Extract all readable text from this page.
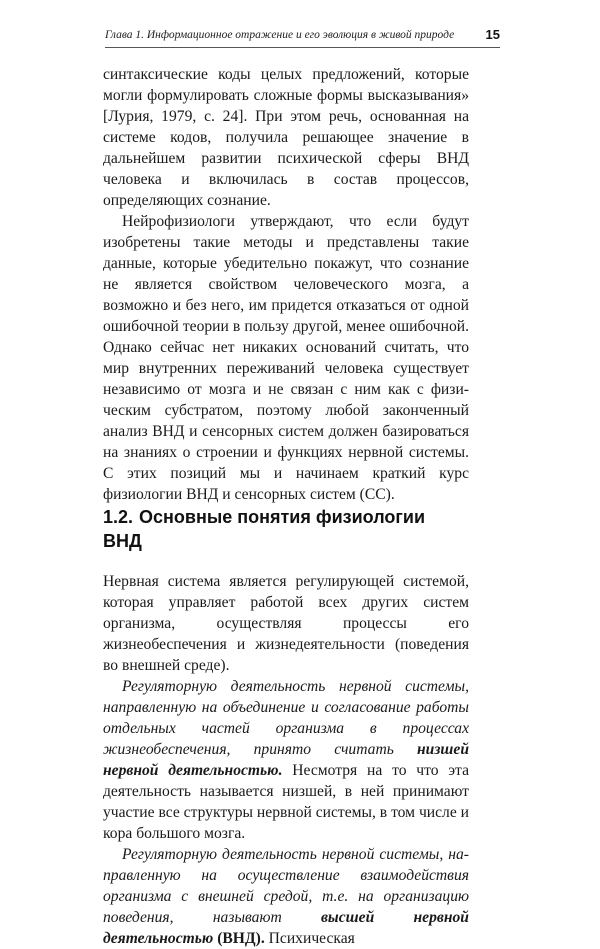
Глава 1. Информационное отражение и его эволюция в живой природе 15

синтаксические коды целых предложений, которые могли формулировать сложные формы высказывания» [Лурия, 1979, с. 24]. При этом речь, основанная на системе кодов, получила решающее значение в дальнейшем развитии психической сферы ВНД человека и включилась в состав процессов, определяющих сознание.

Нейрофизиологи утверждают, что если будут изобретены такие методы и представлены такие данные, которые убедительно покажут, что сознание не является свойством человеческого мозга, а возможно и без него, им придется отказаться от одной ошибочной теории в пользу другой, менее ошибочной. Однако сейчас нет никаких оснований считать, что мир внутренних переживаний человека существует независимо от мозга и не связан с ним как с физическим субстратом, поэтому любой законченный анализ ВНД и сенсорных систем должен базироваться на знаниях о строении и функциях нервной системы. С этих позиций мы и начинаем краткий курс физиологии ВНД и сенсорных систем (СС).

1.2. Основные понятия физиологии ВНД

Нервная система является регулирующей системой, которая управляет работой всех других систем организма, осуществляя процессы его жизнеобеспечения и жизнедеятельности (поведения во внешней среде).

Регуляторную деятельность нервной системы, направленную на объединение и согласование работы отдельных частей организма в процессах жизнеобеспечения, принято считать низшей нервной деятельностью. Несмотря на то что эта деятельность называется низшей, в ней принимают участие все структуры нервной системы, в том числе и кора большого мозга.

Регуляторную деятельность нервной системы, направленную на осуществление взаимодействия организма с внешней средой, т.е. на организацию поведения, называют	высшей нервной деятельностью (ВНД). Психическая
